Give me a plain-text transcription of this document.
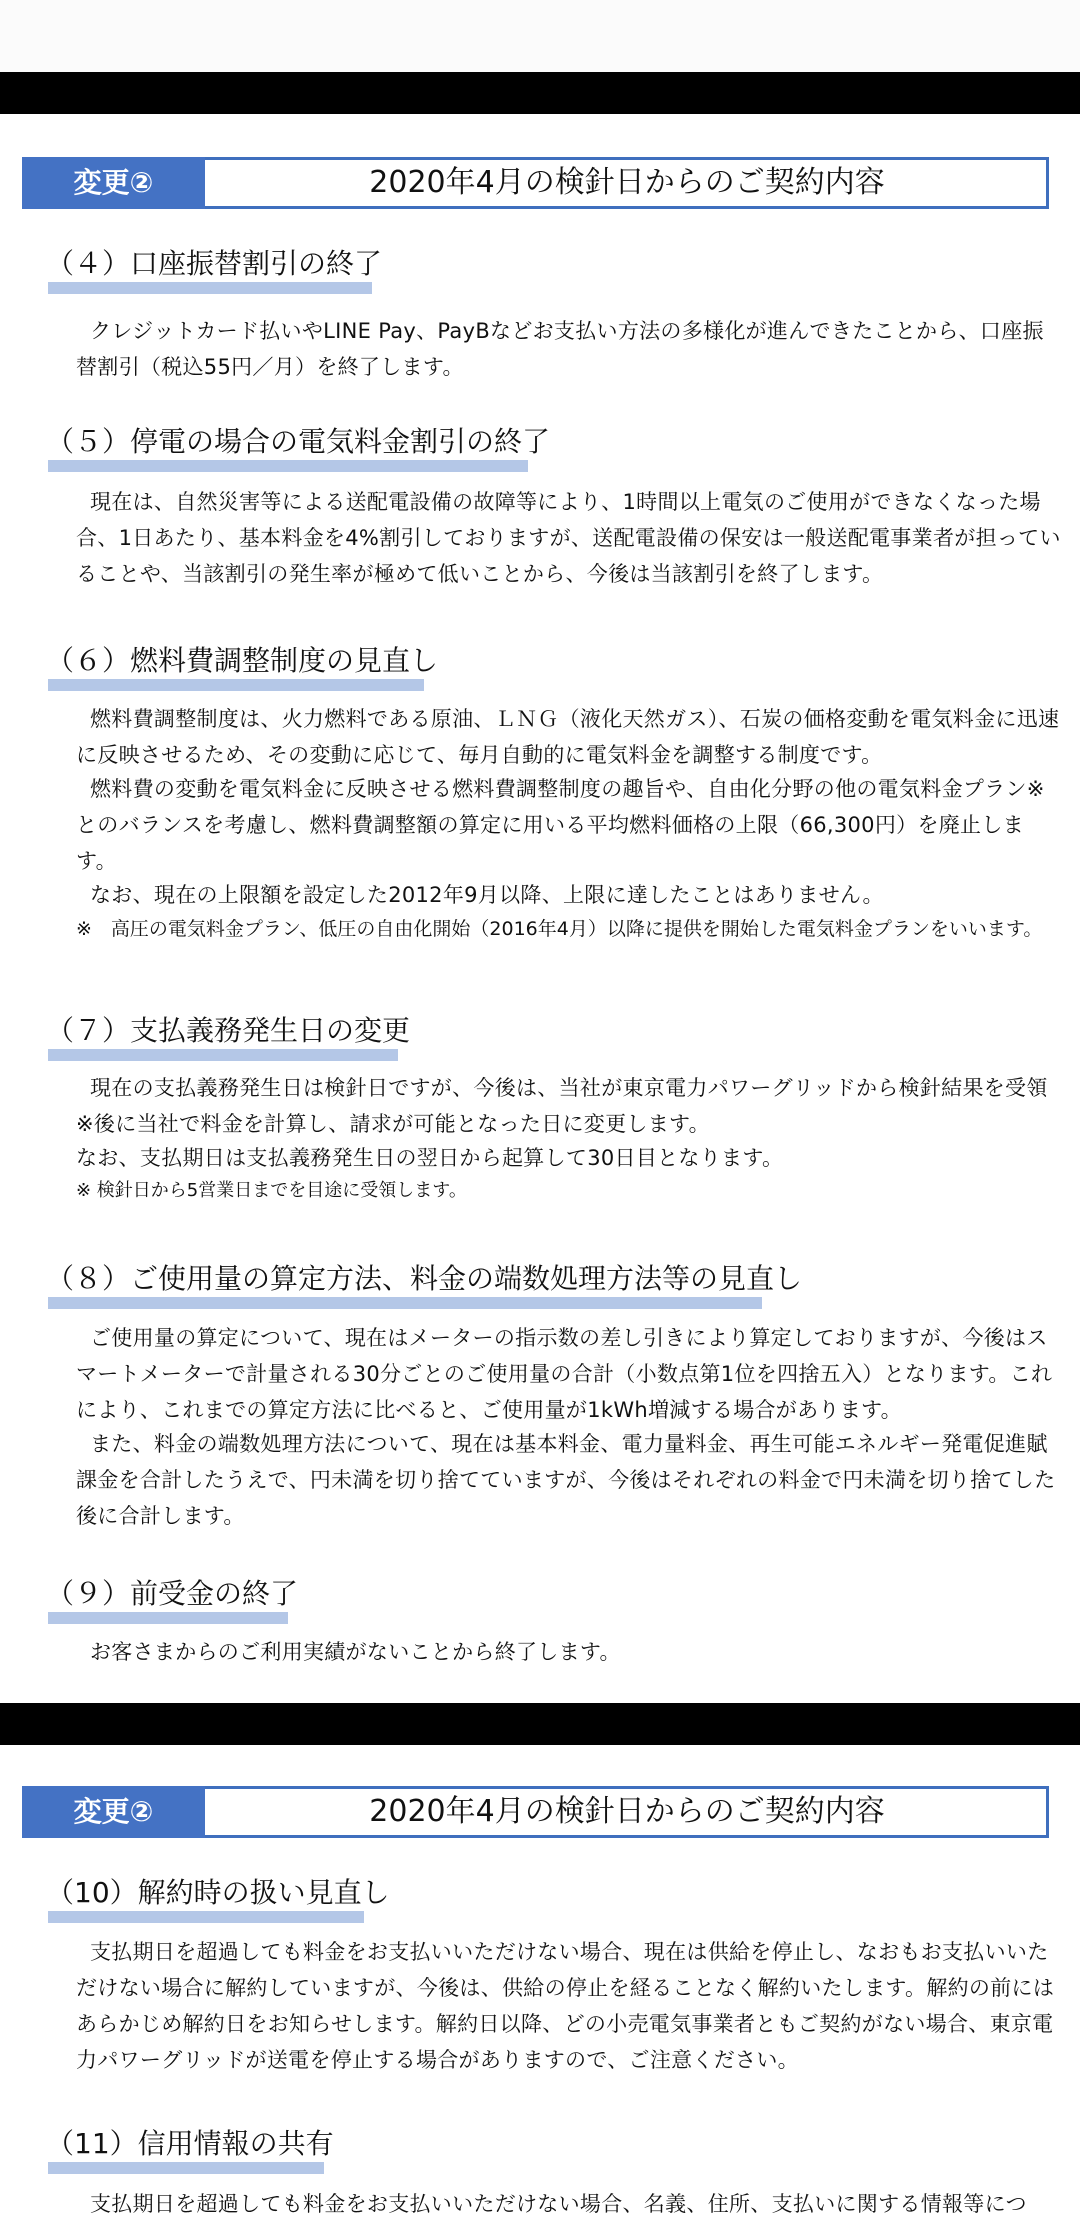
変更②	2020年4月の検針日からのご契約内容
（４）口座振替割引の終了
クレジットカード払いやLINE Pay、PayBなどお支払い方法の多様化が進んできたことから、口座振替割引（税込55円／月）を終了します。
（５）停電の場合の電気料金割引の終了
現在は、自然災害等による送配電設備の故障等により、1時間以上電気のご使用ができなくなった場合、1日あたり、基本料金を4%割引しておりますが、送配電設備の保安は一般送配電事業者が担っていることや、当該割引の発生率が極めて低いことから、今後は当該割引を終了します。
（６）燃料費調整制度の見直し
燃料費調整制度は、火力燃料である原油、ＬＮＧ（液化天然ガス）、石炭の価格変動を電気料金に迅速に反映させるため、その変動に応じて、毎月自動的に電気料金を調整する制度です。
燃料費の変動を電気料金に反映させる燃料費調整制度の趣旨や、自由化分野の他の電気料金プラン※とのバランスを考慮し、燃料費調整額の算定に用いる平均燃料価格の上限（66,300円）を廃止します。
なお、現在の上限額を設定した2012年9月以降、上限に達したことはありません。
※　高圧の電気料金プラン、低圧の自由化開始（2016年4月）以降に提供を開始した電気料金プランをいいます。
（７）支払義務発生日の変更
現在の支払義務発生日は検針日ですが、今後は、当社が東京電力パワーグリッドから検針結果を受領※後に当社で料金を計算し、請求が可能となった日に変更します。
なお、支払期日は支払義務発生日の翌日から起算して30日目となります。
※ 検針日から5営業日までを目途に受領します。
（８）ご使用量の算定方法、料金の端数処理方法等の見直し
ご使用量の算定について、現在はメーターの指示数の差し引きにより算定しておりますが、今後はスマートメーターで計量される30分ごとのご使用量の合計（小数点第1位を四捨五入）となります。これにより、これまでの算定方法に比べると、ご使用量が1kWh増減する場合があります。
また、料金の端数処理方法について、現在は基本料金、電力量料金、再生可能エネルギー発電促進賦課金を合計したうえで、円未満を切り捨てていますが、今後はそれぞれの料金で円未満を切り捨てした後に合計します。
（９）前受金の終了
お客さまからのご利用実績がないことから終了します。
変更②	2020年4月の検針日からのご契約内容
（10）解約時の扱い見直し
支払期日を超過しても料金をお支払いいただけない場合、現在は供給を停止し、なおもお支払いいただけない場合に解約していますが、今後は、供給の停止を経ることなく解約いたします。解約の前にはあらかじめ解約日をお知らせします。解約日以降、どの小売電気事業者ともご契約がない場合、東京電力パワーグリッドが送電を停止する場合がありますので、ご注意ください。
（11）信用情報の共有
支払期日を超過しても料金をお支払いいただけない場合、名義、住所、支払いに関する情報等につ
